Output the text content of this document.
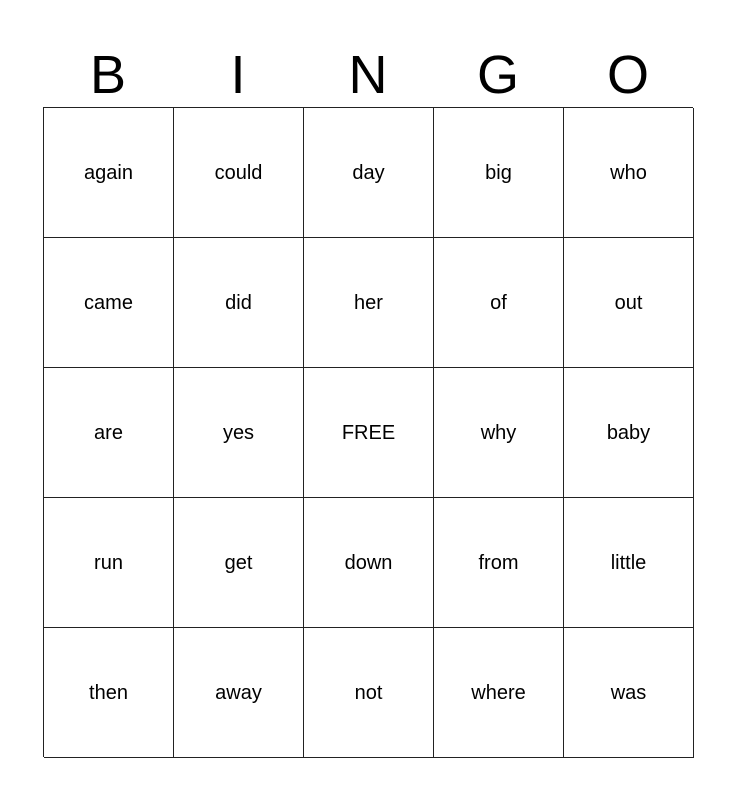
B	I	N	G	O
again	could	day	big	who
came	did	her	of	out
are	yes	FREE	why	baby
run	get	down	from	little
then	away	not	where	was
